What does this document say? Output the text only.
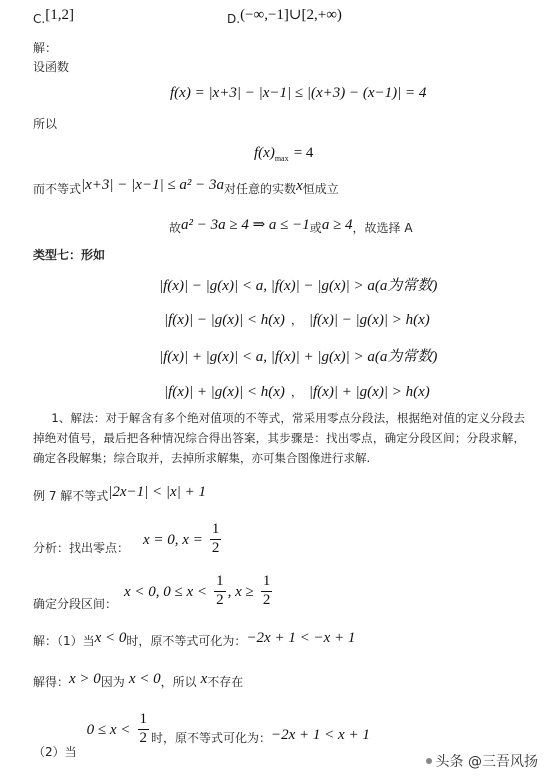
C.[1,2]	D.(−∞,−1]∪[2,+∞)
解：
设函数
f(x) = |x+3| − |x−1| ≤ |(x+3) − (x−1)| = 4
所以
$f(x)_{max} = 4$
而不等式|x+3| − |x−1| ≤ a² − 3a对任意的实数x恒成立
故a² − 3a ≥ 4 ⇒ a ≤ −1或a ≥ 4，故选择 A
类型七：形如
|f(x)| − |g(x)| < a, |f(x)| − |g(x)| > a(a为常数)
|f(x)| − |g(x)| < h(x) ， |f(x)| − |g(x)| > h(x)
|f(x)| + |g(x)| < a, |f(x)| + |g(x)| > a(a为常数)
|f(x)| + |g(x)| < h(x) ， |f(x)| + |g(x)| > h(x)
1、解法：对于解含有多个绝对值项的不等式，常采用零点分段法，根据绝对值的定义分段去掉绝对值号，最后把各种情况综合得出答案，其步骤是：找出零点，确定分段区间；分段求解，确定各段解集；综合取并，去掉所求解集，亦可集合图像进行求解.
例 7 解不等式|2x−1| < |x| + 1
x = 0, $x = \frac{1}{2}$
分析：找出零点：
x < 0, $0 \le x < \frac{1}{2}$ , $x \ge \frac{1}{2}$
确定分段区间：
解：（1）当x < 0时，原不等式可化为：−2x + 1 < −x + 1
解得：x > 0因为 x < 0，所以 x不存在
$_{(2)当}0 \le x < \frac{1}{2} _{时,原不等式可化为:}-2x + 1 < x + 1$
头条 @三吾风扬
